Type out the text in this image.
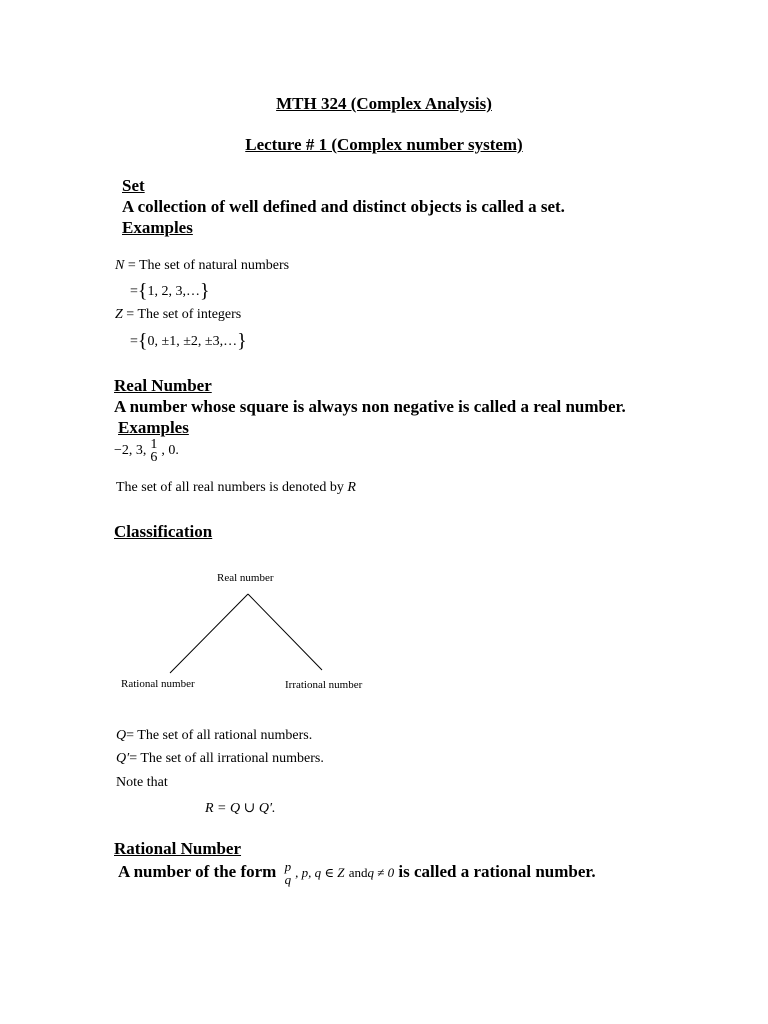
MTH 324 (Complex Analysis)
Lecture # 1 (Complex number system)
Set
A collection of well defined and distinct objects is called a set.
Examples
N = The set of natural numbers
={1, 2, 3,…}
Z = The set of integers
={0, ±1, ±2, ±3,…}
Real Number
A number whose square is always non negative is called a real number.
Examples
−2, 3, 1
6 , 0.
The set of all real numbers is denoted by R
Classification
Real number
Rational number	Irrational number
Q= The set of all rational numbers.
Q′= The set of all irrational numbers.
Note that
R = Q ∪ Q′.
Rational Number
A number of the form p
q , p, q ∈ Z andq ≠ 0 is called a rational number.
